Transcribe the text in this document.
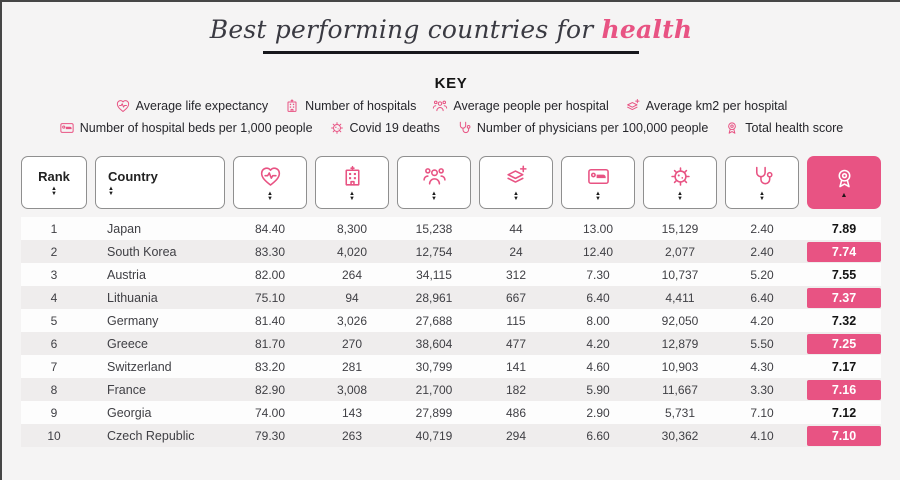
Best performing countries for health
KEY
Average life expectancy	Number of hospitals	Average people per hospital	Average km2 per hospital
Number of hospital beds per 1,000 people	Covid 19 deaths	Number of physicians per 100,000 people	Total health score
Rank
▲
▼
Country
▲
▼	▲
▼
▲
▼
▲
▼
▲
▼
▲
▼
▲
▼
▲
▼	▲
1	Japan	84.40	8,300	15,238	44	13.00	15,129	2.40	7.89
2	South Korea	83.30	4,020	12,754	24	12.40	2,077	2.40	7.74
3	Austria	82.00	264	34,115	312	7.30	10,737	5.20	7.55
4	Lithuania	75.10	94	28,961	667	6.40	4,411	6.40	7.37
5	Germany	81.40	3,026	27,688	115	8.00	92,050	4.20	7.32
6	Greece	81.70	270	38,604	477	4.20	12,879	5.50	7.25
7	Switzerland	83.20	281	30,799	141	4.60	10,903	4.30	7.17
8	France	82.90	3,008	21,700	182	5.90	11,667	3.30	7.16
9	Georgia	74.00	143	27,899	486	2.90	5,731	7.10	7.12
10	Czech Republic	79.30	263	40,719	294	6.60	30,362	4.10	7.10
